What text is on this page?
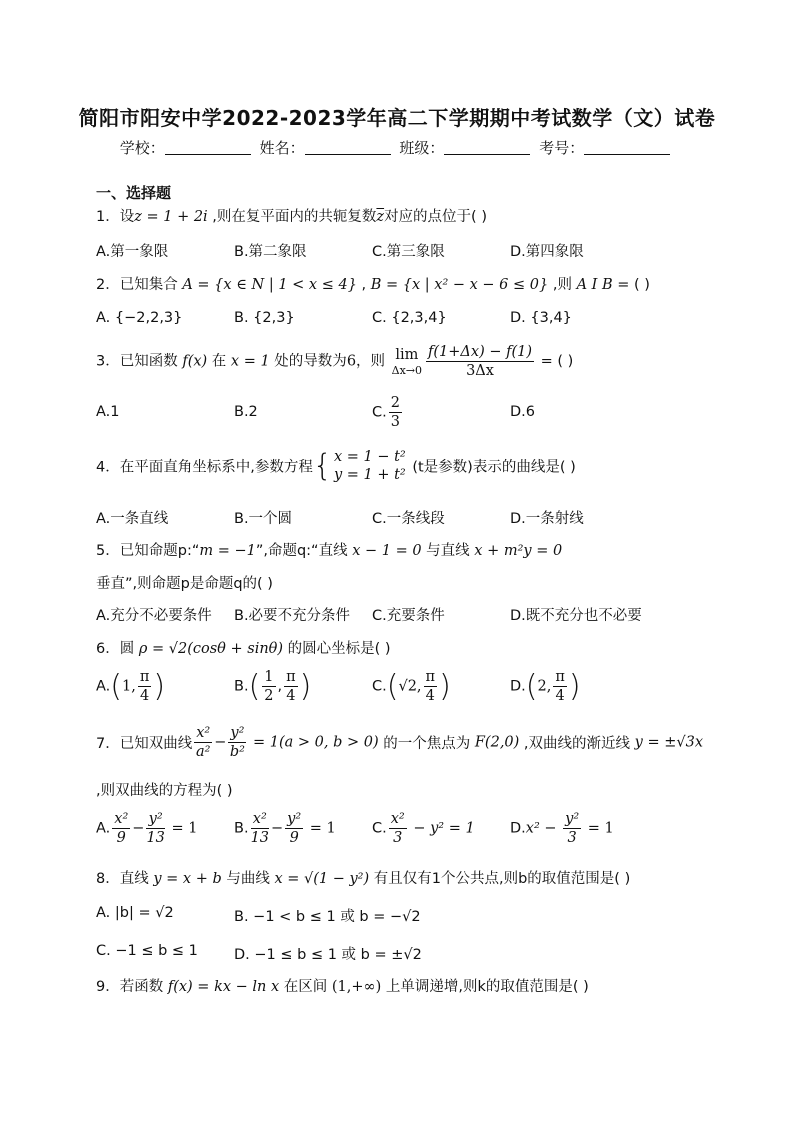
简阳市阳安中学2022-2023学年高二下学期期中考试数学（文）试卷
学校：	姓名：	班级：	考号：
一、选择题
1．设z = 1 + 2i ,则在复平面内的共轭复数$\overline{z}$对应的点位于( )
A.第一象限	B.第二象限	C.第三象限	D.第四象限
2．已知集合 A = {x ∈ N | 1 < x ≤ 4} , B = {x | x² − x − 6 ≤ 0} ,则 A I B = ( )
A. {−2,2,3}	B. {2,3}	C. {2,3,4}	D. {3,4}
3．已知函数 f(x) 在 x = 1 处的导数为6，则 lim
$\Delta x\to 0 \frac{f(1+\Delta x) - f(1)}{3\Delta x}$ = ( )
A.1	B.2	C. $\frac{2}{3}$	D.6
4．在平面直角坐标系中,参数方程{ x = 1 − t²
y = 1 + t² (t是参数)表示的曲线是( )
A.一条直线	B.一个圆	C.一条线段	D.一条射线
5．已知命题p:“m = −1”,命题q:“直线 x − 1 = 0 与直线 x + m²y = 0
垂直”,则命题p是命题q的( )
A.充分不必要条件 B.必要不充分条件 C.充要条件	D.既不充分也不必要
6．圆 ρ = √2(cosθ + sinθ) 的圆心坐标是( )
A.(1, $\frac{\pi}{4}$ )	$B.( \frac{1}{2}$ , $\frac{\pi}{4}$ )	C.(√2, $\frac{\pi}{4}$ )	D.(2, $\frac{\pi}{4}$ )
7．已知双曲线 $\frac{\text{x²}}{\text{a²}} - \frac{\text{y²}}{\text{b²}} = 1(a > 0$, b > 0) 的一个焦点为 F(2,0) ,双曲线的渐近线 y = ±√3x
,则双曲线的方程为( )
A. $\frac{\text{x²}}{9} - \frac{\text{y²}}{13} = 1$	B. $\frac{\text{x²}}{13} - \frac{\text{y²}}{9} = 1$ C. $\frac{\text{x²}}{3} - y^2 = 1$ $D.x^2 - \frac{\text{y²}}{3} = 1$
8．直线 y = x + b 与曲线 x = √(1 − y²) 有且仅有1个公共点,则b的取值范围是( )
A. |b| = √2	B. −1 < b ≤ 1 或 b = −√2
C. −1 ≤ b ≤ 1 D. −1 ≤ b ≤ 1 或 b = ±√2
9．若函数 f(x) = kx − ln x 在区间 (1,+∞) 上单调递增,则k的取值范围是( )
